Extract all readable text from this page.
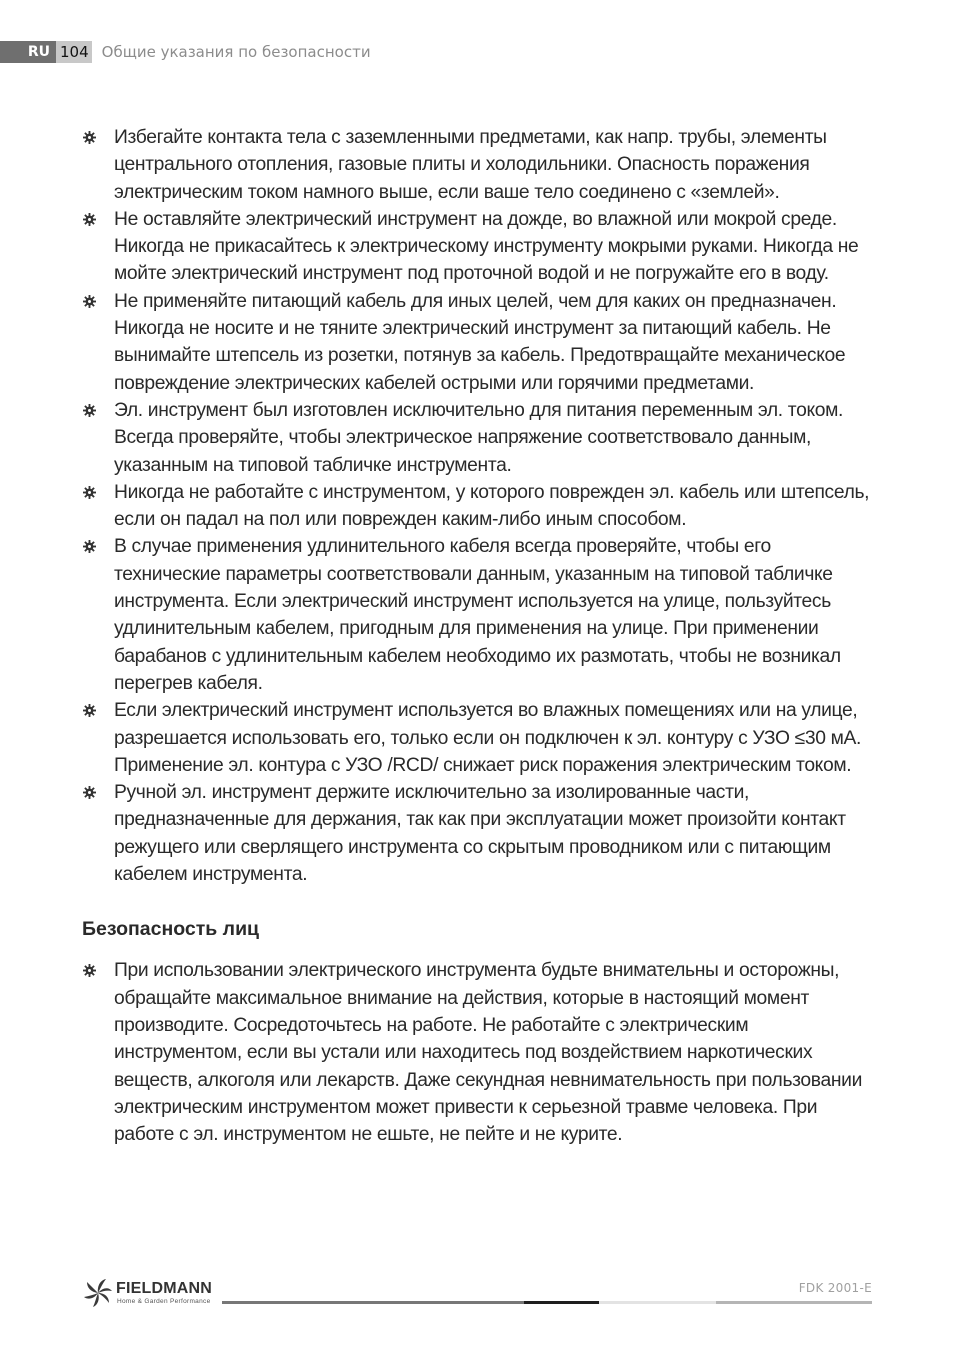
RU 104 Общие указания по безопасности
Избегайте контакта тела с заземленными предметами, как напр. трубы, элементы центрального отопления, газовые плиты и холодильники. Опасность поражения электрическим током намного выше, если ваше тело соединено с «землей».
Не оставляйте электрический инструмент на дожде, во влажной или мокрой среде. Никогда не прикасайтесь к электрическому инструменту мокрыми руками. Никогда не мойте электрический инструмент под проточной водой и не погружайте его в воду.
Не применяйте питающий кабель для иных целей, чем для каких он предназначен. Никогда не носите и не тяните электрический инструмент за питающий кабель. Не вынимайте штепсель из розетки, потянув за кабель. Предотвращайте механическое повреждение электрических кабелей острыми или горячими предметами.
Эл. инструмент был изготовлен исключительно для питания переменным эл. током. Всегда проверяйте, чтобы электрическое напряжение соответствовало данным, указанным на типовой табличке инструмента.
Никогда не работайте с инструментом, у которого поврежден эл. кабель или штепсель, если он падал на пол или поврежден каким-либо иным способом.
В случае применения удлинительного кабеля всегда проверяйте, чтобы его технические параметры соответствовали данным, указанным на типовой табличке инструмента. Если электрический инструмент используется на улице, пользуйтесь удлинительным кабелем, пригодным для применения на улице. При применении барабанов с удлинительным кабелем необходимо их размотать, чтобы не возникал перегрев кабеля.
Если электрический инструмент используется во влажных помещениях или на улице, разрешается использовать его, только если он подключен к эл. контуру с УЗО ≤30 мА. Применение эл. контура с УЗО /RCD/ снижает риск поражения электрическим током.
Ручной эл. инструмент держите исключительно за изолированные части, предназначенные для держания, так как при эксплуатации может произойти контакт режущего или сверлящего инструмента со скрытым проводником или с питающим кабелем инструмента.
Безопасность лиц
При использовании электрического инструмента будьте внимательны и осторожны, обращайте максимальное внимание на действия, которые в настоящий момент производите. Сосредоточьтесь на работе. Не работайте с электрическим инструментом, если вы устали или находитесь под воздействием наркотических веществ, алкоголя или лекарств. Даже секундная невнимательность при пользовании электрическим инструментом может привести к серьезной травме человека. При работе с эл. инструментом не ешьте, не пейте и не курите.
FIELDMANN
Home & Garden Performance
FDK 2001-E
